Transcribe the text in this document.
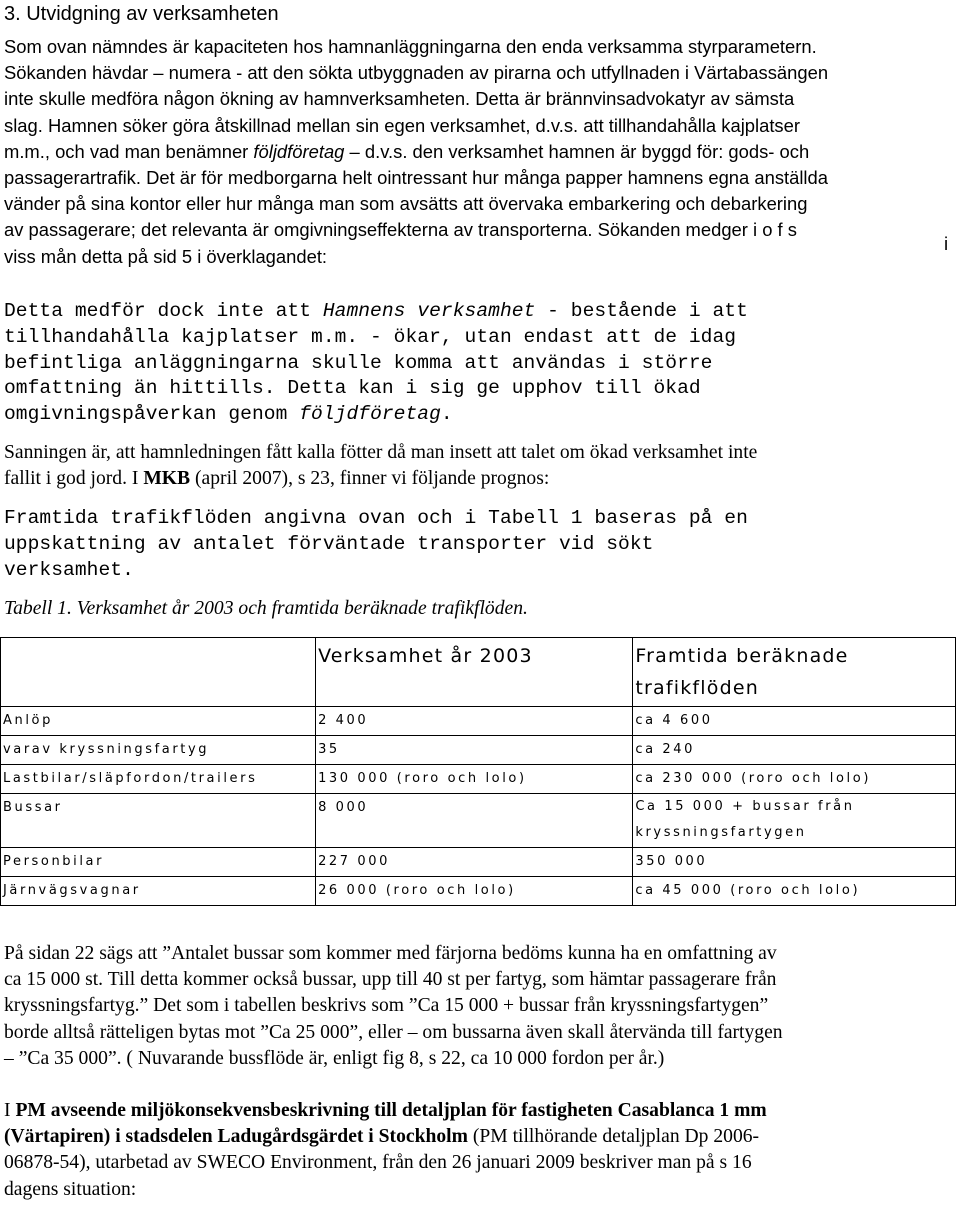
3. Utvidgning av verksamheten
Som ovan nämndes är kapaciteten hos hamnanläggningarna den enda verksamma styrparametern.
Sökanden hävdar – numera - att den sökta utbyggnaden av pirarna och utfyllnaden i Värtabassängen
inte skulle medföra någon ökning av hamnverksamheten. Detta är brännvinsadvokatyr av sämsta
slag. Hamnen söker göra åtskillnad mellan sin egen verksamhet, d.v.s. att tillhandahålla kajplatser
m.m., och vad man benämner följdföretag – d.v.s. den verksamhet hamnen är byggd för: gods- och
passagerartrafik. Det är för medborgarna helt ointressant hur många papper hamnens egna anställda
vänder på sina kontor eller hur många man som avsätts att övervaka embarkering och debarkering
av passagerare; det relevanta är omgivningseffekterna av transporterna. Sökanden medger i o f s
viss mån detta på sid 5 i överklagandet:
i
Detta medför dock inte att Hamnens verksamhet - bestående i att
tillhandahålla kajplatser m.m. - ökar, utan endast att de idag
befintliga anläggningarna skulle komma att användas i större
omfattning än hittills. Detta kan i sig ge upphov till ökad
omgivningspåverkan genom följdföretag.
Sanningen är, att hamnledningen fått kalla fötter då man insett att talet om ökad verksamhet inte
fallit i god jord. I MKB (april 2007), s 23, finner vi följande prognos:
Framtida trafikflöden angivna ovan och i Tabell 1 baseras på en
uppskattning av antalet förväntade transporter vid sökt
verksamhet.
Tabell 1. Verksamhet år 2003 och framtida beräknade trafikflöden.
	Verksamhet år 2003	Framtida beräknade trafikflöden
Anlöp	2 400	ca 4 600
varav kryssningsfartyg	35	ca 240
Lastbilar/släpfordon/trailers	130 000 (roro och lolo)	ca 230 000 (roro och lolo)
Bussar	8 000	Ca 15 000 + bussar från kryssningsfartygen
Personbilar	227 000	350 000
Järnvägsvagnar	26 000 (roro och lolo)	ca 45 000 (roro och lolo)
På sidan 22 sägs att ”Antalet bussar som kommer med färjorna bedöms kunna ha en omfattning av
ca 15 000 st. Till detta kommer också bussar, upp till 40 st per fartyg, som hämtar passagerare från
kryssningsfartyg.” Det som i tabellen beskrivs som ”Ca 15 000 + bussar från kryssningsfartygen”
borde alltså rätteligen bytas mot ”Ca 25 000”, eller – om bussarna även skall återvända till fartygen
– ”Ca 35 000”. ( Nuvarande bussflöde är, enligt fig 8, s 22, ca 10 000 fordon per år.)
I PM avseende miljökonsekvensbeskrivning till detaljplan för fastigheten Casablanca 1 mm
(Värtapiren) i stadsdelen Ladugårdsgärdet i Stockholm (PM tillhörande detaljplan Dp 2006-
06878-54), utarbetad av SWECO Environment, från den 26 januari 2009 beskriver man på s 16
dagens situation:
